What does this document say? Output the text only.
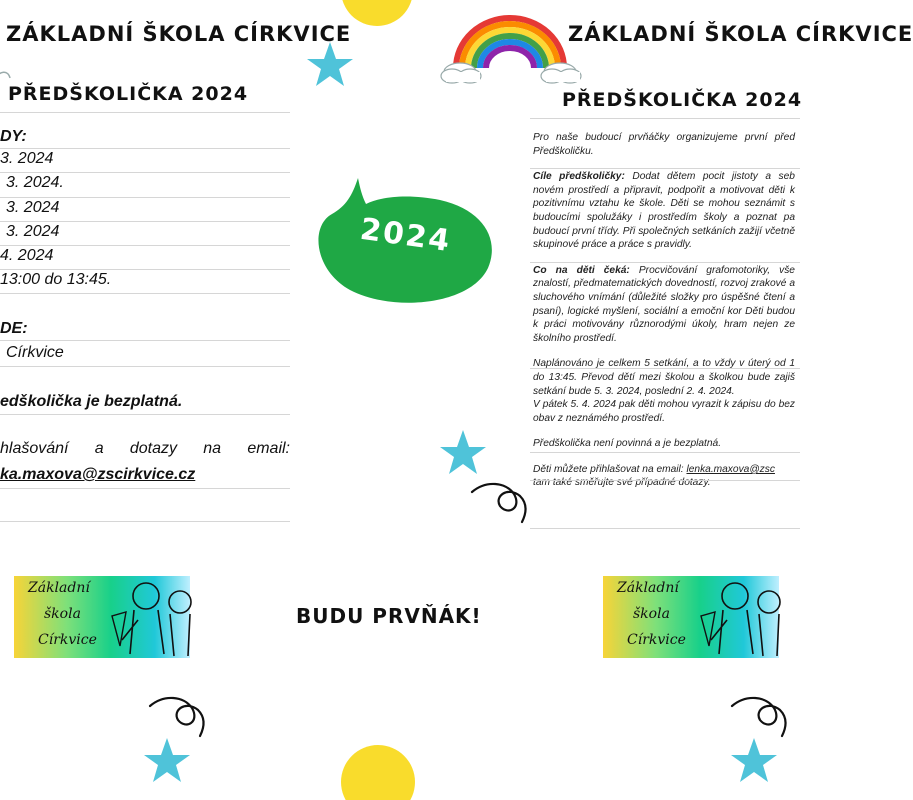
ZÁKLADNÍ ŠKOLA CÍRKVICE
PŘEDŠKOLIČKA 2024
DY:
3. 2024
3. 2024.
3. 2024
3. 2024
4. 2024
13:00 do 13:45.
DE:
Církvice
edškolička je bezplatná.
hlašování a dotazy na email:
ka.maxova@zscirkvice.cz
2024
BUDU PRVŇÁK!
Základní
škola
Církvice
Základní
škola
Církvice
ZÁKLADNÍ ŠKOLA CÍRKVICE
PŘEDŠKOLIČKA 2024

Pro naše budoucí prvňáčky organizujeme první před Předškoličku.

Cíle předškoličky: Dodat dětem pocit jistoty a seb novém prostředí a připravit, podpořit a motivovat děti k pozitivnímu vztahu ke škole. Děti se mohou seznámit s budoucími spolužáky i prostředím školy a poznat pa budoucí první třídy. Při společných setkáních zažijí včetně skupinové práce a práce s pravidly.

Co na děti čeká: Procvičování grafomotoriky, vše znalostí, předmatematických dovedností, rozvoj zrakové a sluchového vnímání (důležité složky pro úspěšné čtení a psaní), logické myšlení, sociální a emoční kor Děti budou k práci motivovány různorodými úkoly, hram nejen ze školního prostředí.

Naplánováno je celkem 5 setkání, a to vždy v úterý od 1 do 13:45. Převod dětí mezi školou a školkou bude zajiš setkání bude 5. 3. 2024, poslední 2. 4. 2024.

V pátek 5. 4. 2024 pak děti mohou vyrazit k zápisu do bez obav z neznámého prostředí.

Předškolička není povinná a je bezplatná.

Děti můžete přihlašovat na email: lenka.maxova@zsc
tam také směřujte své případné dotazy.
